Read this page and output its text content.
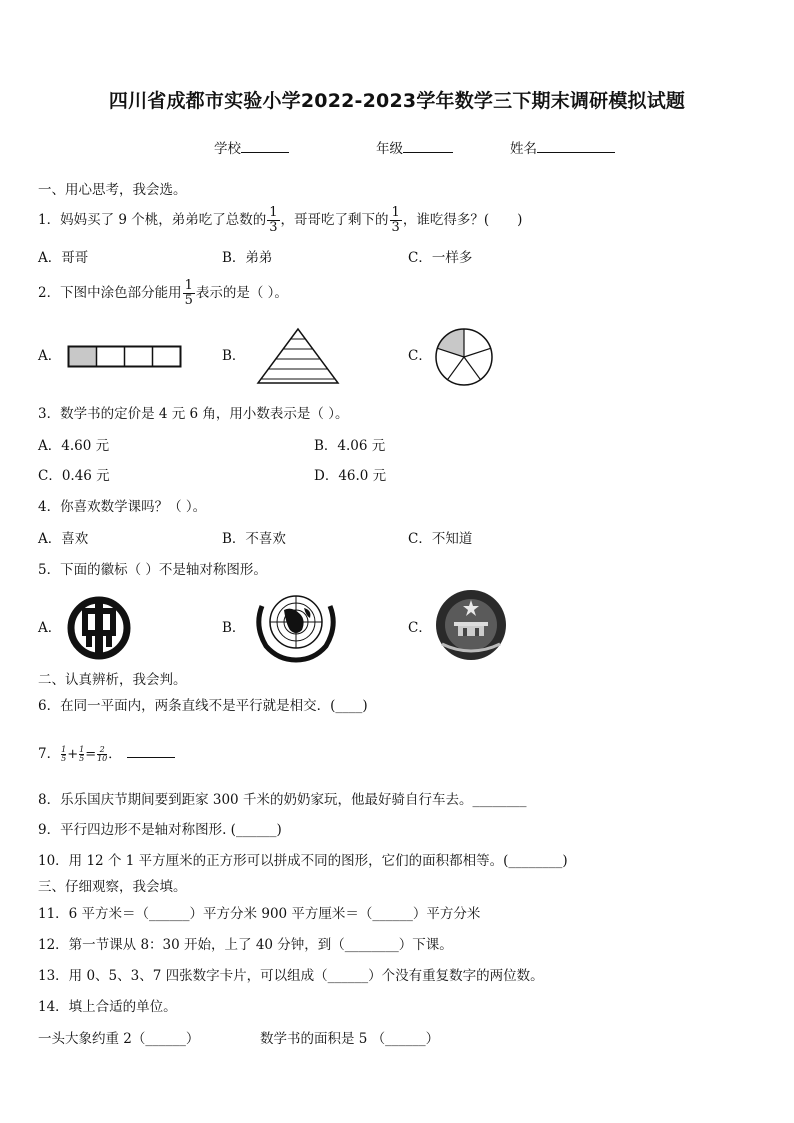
四川省成都市实验小学2022-2023学年数学三下期末调研模拟试题
学校	年级	姓名
一、用心思考，我会选。
1．妈妈买了 9 个桃，弟弟吃了总数的 $\frac{1}{3}$ ，哥哥吃了剩下的 $\frac{1}{3}$ ，谁吃得多？( )
A．哥哥	B．弟弟	C．一样多
2．下图中涂色部分能用 $\frac{1}{5}$ 表示的是（ ）。
A．	B．	C．
3．数学书的定价是 4 元 6 角，用小数表示是（ ）。
A．4.60 元	B．4.06 元
C．0.46 元	D．46.0 元
4．你喜欢数学课吗？（ ）。
A．喜欢	B．不喜欢	C．不知道
5．下面的徽标（ ）不是轴对称图形。
A．	B．	C．
二、认真辨析，我会判。
6．在同一平面内，两条直线不是平行就是相交．(____)
7． $\frac{1}{5} + \frac{1}{5} = \frac{2}{10}$ ．
8．乐乐国庆节期间要到距家 300 千米的奶奶家玩，他最好骑自行车去。________
9．平行四边形不是轴对称图形. (______)
10．用 12 个 1 平方厘米的正方形可以拼成不同的图形，它们的面积都相等。(________)
三、仔细观察，我会填。
11．6 平方米＝（______）平方分米 900 平方厘米＝（______）平方分米
12．第一节课从 8：30 开始，上了 40 分钟，到（________）下课。
13．用 0、5、3、7 四张数字卡片，可以组成（______）个没有重复数字的两位数。
14．填上合适的单位。
一头大象约重 2（______）	数学书的面积是 5 （______）
